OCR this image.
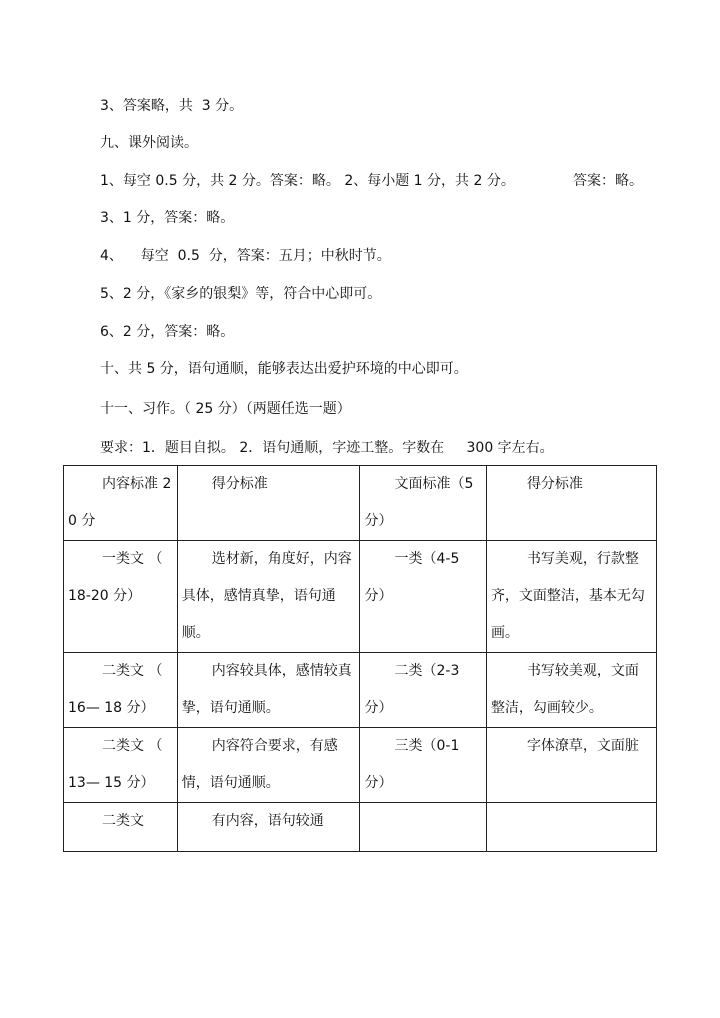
3、答案略，共  3 分。
九、课外阅读。
1、每空 0.5 分，共 2 分。答案：略。 2、每小题 1 分，共 2 分。	答案：略。
3、1 分，答案：略。
4、    每空  0.5  分，答案：五月；中秋时节。
5、2 分，《家乡的银梨》等，符合中心即可。
6、2 分，答案：略。
十、共 5 分，语句通顺，能够表达出爱护环境的中心即可。
十一、习作。（ 25 分）（两题任选一题）
要求：1．题目自拟。 2．语句通顺，字迹工整。字数在     300 字左右。
内容标准 20 分	得分标准	文面标准（5 分）	得分标准
一类文 （ 18-20 分）	选材新，角度好，内容具体，感情真挚，语句通顺。	一类（4-5 分）	书写美观，行款整齐，文面整洁，基本无勾画。
二类文 （ 16— 18 分）	内容较具体，感情较真挚，语句通顺。	二类（2-3 分）	书写较美观，文面整洁，勾画较少。
二类文 （ 13— 15 分）	内容符合要求，有感情，语句通顺。	三类（0-1 分）	字体潦草，文面脏
二类文	有内容，语句较通		
